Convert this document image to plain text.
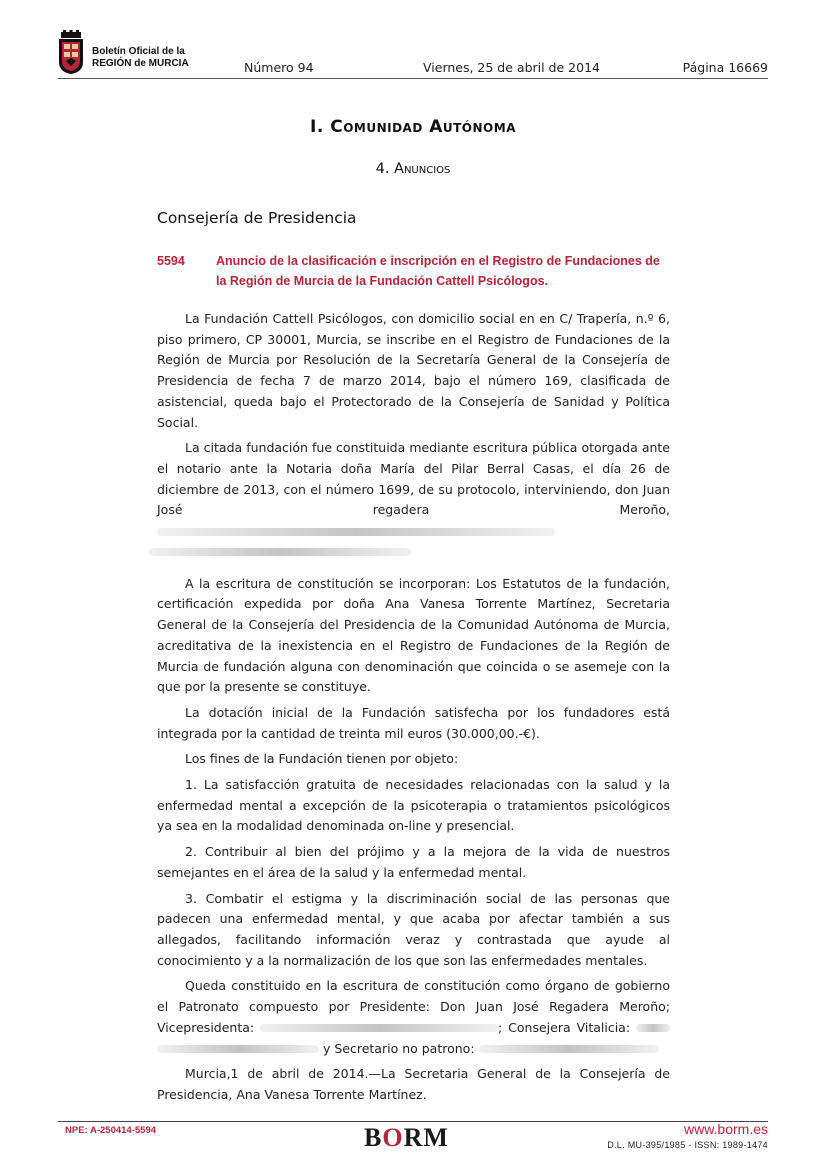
Boletín Oficial de la
REGIÓN de MURCIA	Número 94	Viernes, 25 de abril de 2014	Página 16669
I. Comunidad Autónoma
4. Anuncios
Consejería de Presidencia
5594 Anuncio de la clasificación e inscripción en el Registro de Fundaciones de la Región de Murcia de la Fundación Cattell Psicólogos.

La Fundación Cattell Psicólogos, con domicilio social en en C/ Trapería, n.º 6, piso primero, CP 30001, Murcia, se inscribe en el Registro de Fundaciones de la Región de Murcia por Resolución de la Secretaría General de la Consejería de Presidencia de fecha 7 de marzo 2014, bajo el número 169, clasificada de asistencial, queda bajo el Protectorado de la Consejería de Sanidad y Política Social.

La citada fundación fue constituida mediante escritura pública otorgada ante el notario ante la Notaria doña María del Pilar Berral Casas, el día 26 de diciembre de 2013, con el número 1699, de su protocolo, interviniendo, don Juan José regadera Meroño,

A la escritura de constitución se incorporan: Los Estatutos de la fundación, certificación expedida por doña Ana Vanesa Torrente Martínez, Secretaria General de la Consejería del Presidencia de la Comunidad Autónoma de Murcia, acreditativa de la inexistencia en el Registro de Fundaciones de la Región de Murcia de fundación alguna con denominación que coincida o se asemeje con la que por la presente se constituye.

La dotación inicial de la Fundación satisfecha por los fundadores está integrada por la cantidad de treinta mil euros (30.000,00.-€).

Los fines de la Fundación tienen por objeto:

1. La satisfacción gratuita de necesidades relacionadas con la salud y la enfermedad mental a excepción de la psicoterapia o tratamientos psicológicos ya sea en la modalidad denominada on-line y presencial.

2. Contribuir al bien del prójimo y a la mejora de la vida de nuestros semejantes en el área de la salud y la enfermedad mental.

3. Combatir el estigma y la discriminación social de las personas que padecen una enfermedad mental, y que acaba por afectar también a sus allegados, facilitando información veraz y contrastada que ayude al conocimiento y a la normalización de los que son las enfermedades mentales.

Queda constituido en la escritura de constitución como órgano de gobierno el Patronato compuesto por Presidente: Don Juan José Regadera Meroño; Vicepresidenta:	; Consejera Vitalicia:   y Secretario no patrono:

Murcia,1 de abril de 2014.—La Secretaria General de la Consejería de Presidencia, Ana Vanesa Torrente Martínez.

NPE: A-250414-5594	BORM	www.borm.es
D.L. MU-395/1985 - ISSN: 1989-1474
